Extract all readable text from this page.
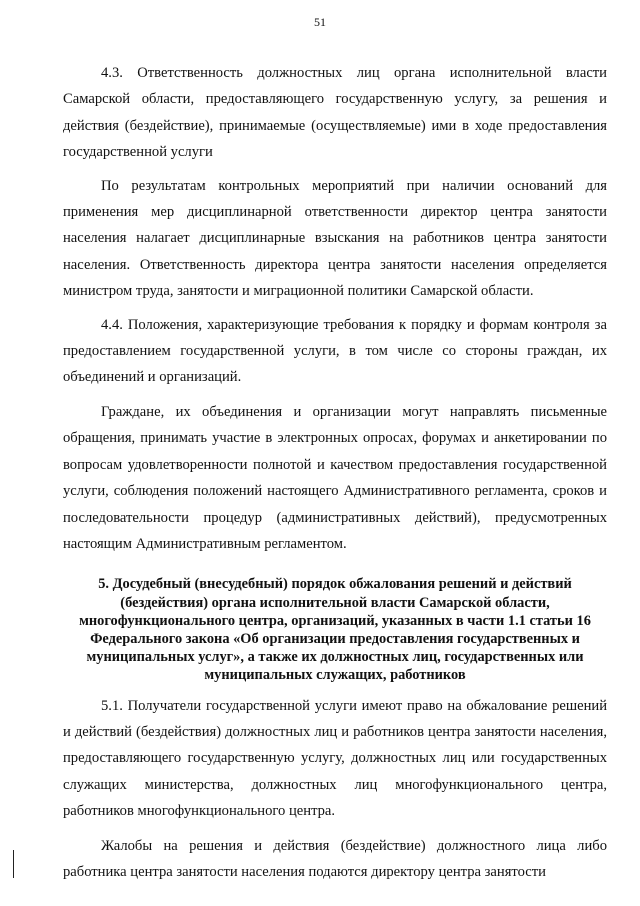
51

4.3. Ответственность должностных лиц органа исполнительной власти Самарской области, предоставляющего государственную услугу, за решения и действия (бездействие), принимаемые (осуществляемые) ими в ходе предоставления государственной услуги

По результатам контрольных мероприятий при наличии оснований для применения мер дисциплинарной ответственности директор центра занятости населения налагает дисциплинарные взыскания на работников центра занятости населения. Ответственность директора центра занятости населения определяется министром труда, занятости и миграционной политики Самарской области.

4.4. Положения, характеризующие требования к порядку и формам контроля за предоставлением государственной услуги, в том числе со стороны граждан, их объединений и организаций.

Граждане, их объединения и организации могут направлять письменные обращения, принимать участие в электронных опросах, форумах и анкетировании по вопросам удовлетворенности полнотой и качеством предоставления государственной услуги, соблюдения положений настоящего Административного регламента, сроков и последовательности процедур (административных действий), предусмотренных настоящим Административным регламентом.

5. Досудебный (внесудебный) порядок обжалования решений и действий (бездействия) органа исполнительной власти Самарской области, многофункционального центра, организаций, указанных в части 1.1 статьи 16 Федерального закона «Об организации предоставления государственных и муниципальных услуг», а также их должностных лиц, государственных или муниципальных служащих, работников

5.1. Получатели государственной услуги имеют право на обжалование решений и действий (бездействия) должностных лиц и работников центра занятости населения, предоставляющего государственную услугу, должностных лиц или государственных служащих министерства, должностных лиц многофункционального центра, работников многофункционального центра.

Жалобы на решения и действия (бездействие) должностного лица либо работника центра занятости населения подаются директору центра занятости
